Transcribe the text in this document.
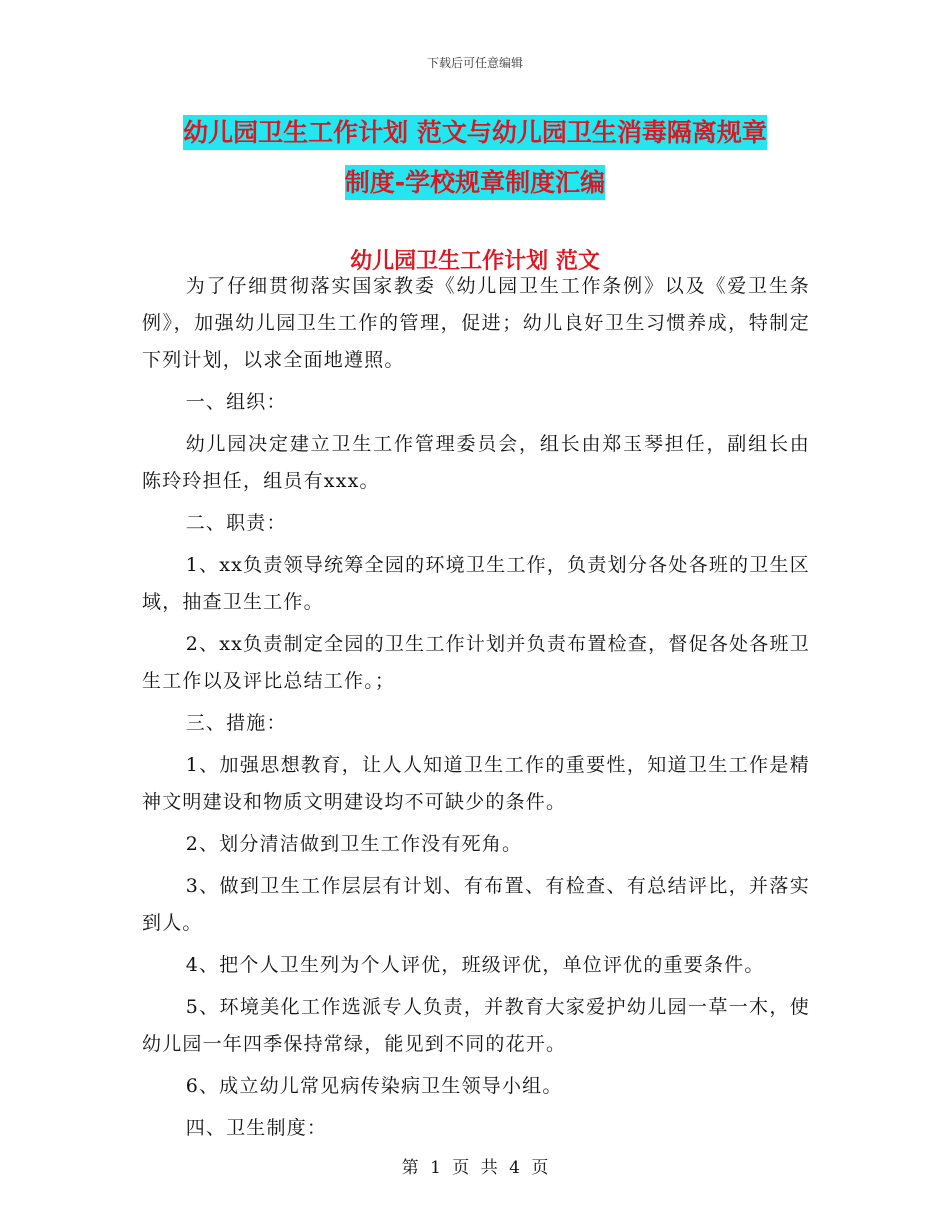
下载后可任意编辑
幼儿园卫生工作计划 范文与幼儿园卫生消毒隔离规章
制度-学校规章制度汇编
幼儿园卫生工作计划 范文

为了仔细贯彻落实国家教委《幼儿园卫生工作条例》以及《爱卫生条例》，加强幼儿园卫生工作的管理，促进；幼儿良好卫生习惯养成，特制定下列计划，以求全面地遵照。

一、组织：

幼儿园决定建立卫生工作管理委员会，组长由郑玉琴担任，副组长由陈玲玲担任，组员有xxx。

二、职责：

1、xx负责领导统筹全园的环境卫生工作，负责划分各处各班的卫生区域，抽查卫生工作。

2、xx负责制定全园的卫生工作计划并负责布置检查，督促各处各班卫生工作以及评比总结工作。；

三、措施：

1、加强思想教育，让人人知道卫生工作的重要性，知道卫生工作是精神文明建设和物质文明建设均不可缺少的条件。

2、划分清洁做到卫生工作没有死角。

3、做到卫生工作层层有计划、有布置、有检查、有总结评比，并落实到人。

4、把个人卫生列为个人评优，班级评优，单位评优的重要条件。

5、环境美化工作选派专人负责，并教育大家爱护幼儿园一草一木，使幼儿园一年四季保持常绿，能见到不同的花开。

6、成立幼儿常见病传染病卫生领导小组。

四、卫生制度：

第 1 页 共 4 页
